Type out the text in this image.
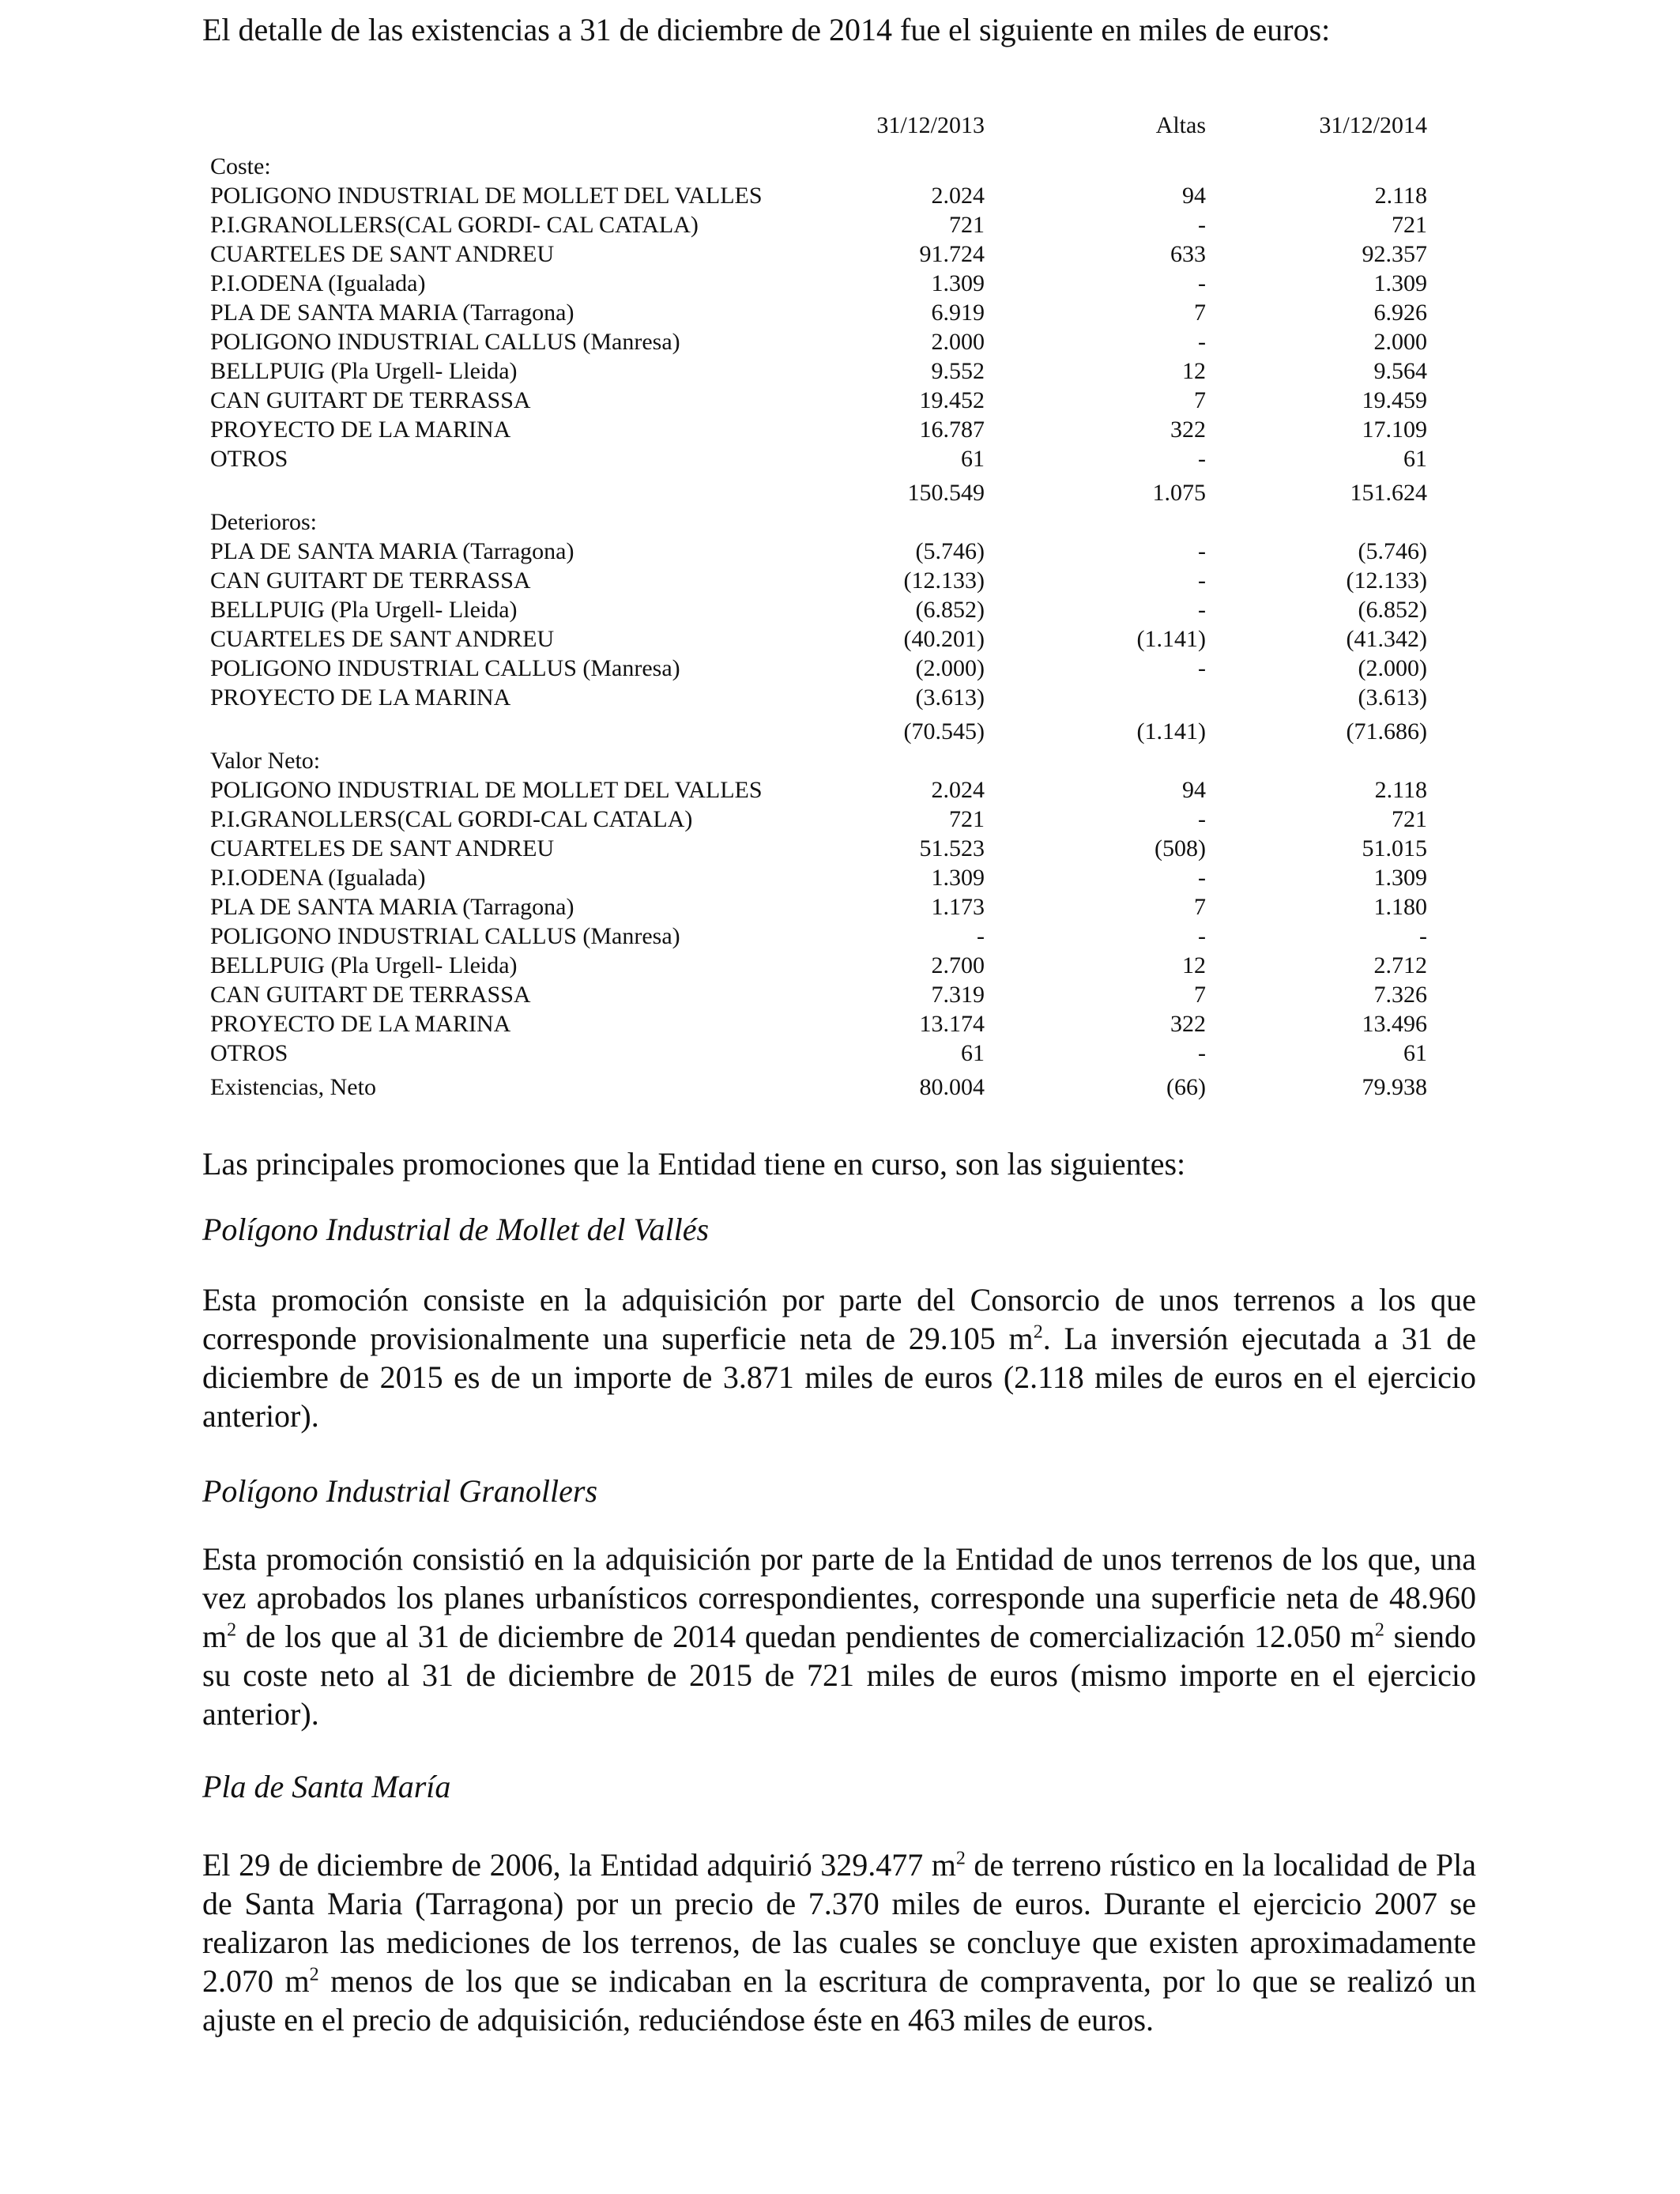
El detalle de las existencias a 31 de diciembre de 2014 fue el siguiente en miles de euros:
	31/12/2013	Altas	31/12/2014
Coste:			
POLIGONO INDUSTRIAL DE MOLLET DEL VALLES	2.024	94	2.118
P.I.GRANOLLERS(CAL GORDI- CAL CATALA)	721	-	721
CUARTELES DE SANT ANDREU	91.724	633	92.357
P.I.ODENA (Igualada)	1.309	-	1.309
PLA DE SANTA MARIA (Tarragona)	6.919	7	6.926
POLIGONO INDUSTRIAL CALLUS (Manresa)	2.000	-	2.000
BELLPUIG (Pla Urgell- Lleida)	9.552	12	9.564
CAN GUITART DE TERRASSA	19.452	7	19.459
PROYECTO DE LA MARINA	16.787	322	17.109
OTROS	61	-	61
	150.549	1.075	151.624
Deterioros:			
PLA DE SANTA MARIA (Tarragona)	(5.746)	-	(5.746)
CAN GUITART DE TERRASSA	(12.133)	-	(12.133)
BELLPUIG (Pla Urgell- Lleida)	(6.852)	-	(6.852)
CUARTELES DE SANT ANDREU	(40.201)	(1.141)	(41.342)
POLIGONO INDUSTRIAL CALLUS (Manresa)	(2.000)	-	(2.000)
PROYECTO DE LA MARINA	(3.613)		(3.613)
	(70.545)	(1.141)	(71.686)
Valor Neto:			
POLIGONO INDUSTRIAL DE MOLLET DEL VALLES	2.024	94	2.118
P.I.GRANOLLERS(CAL GORDI-CAL CATALA)	721	-	721
CUARTELES DE SANT ANDREU	51.523	(508)	51.015
P.I.ODENA (Igualada)	1.309	-	1.309
PLA DE SANTA MARIA (Tarragona)	1.173	7	1.180
POLIGONO INDUSTRIAL CALLUS (Manresa)	-	-	-
BELLPUIG (Pla Urgell- Lleida)	2.700	12	2.712
CAN GUITART DE TERRASSA	7.319	7	7.326
PROYECTO DE LA MARINA	13.174	322	13.496
OTROS	61	-	61
Existencias, Neto	80.004	(66)	79.938

Las principales promociones que la Entidad tiene en curso, son las siguientes:

Polígono Industrial de Mollet del Vallés

Esta promoción consiste en la adquisición por parte del Consorcio de unos terrenos a los que corresponde provisionalmente una superficie neta de 29.105 $m^2$. La inversión ejecutada a 31 de diciembre de 2015 es de un importe de 3.871 miles de euros (2.118 miles de euros en el ejercicio anterior).

Polígono Industrial Granollers

Esta promoción consistió en la adquisición por parte de la Entidad de unos terrenos de los que, una vez aprobados los planes urbanísticos correspondientes, corresponde una superficie neta de 48.960 $m^2$ de los que al 31 de diciembre de 2014 quedan pendientes de comercialización 12.050 $m^2$ siendo su coste neto al 31 de diciembre de 2015 de 721 miles de euros (mismo importe en el ejercicio anterior).

Pla de Santa María

El 29 de diciembre de 2006, la Entidad adquirió 329.477 $m^2$ de terreno rústico en la localidad de Pla de Santa Maria (Tarragona) por un precio de 7.370 miles de euros. Durante el ejercicio 2007 se realizaron las mediciones de los terrenos, de las cuales se concluye que existen aproximadamente 2.070 $m^2$ menos de los que se indicaban en la escritura de compraventa, por lo que se realizó un ajuste en el precio de adquisición, reduciéndose éste en 463 miles de euros.
